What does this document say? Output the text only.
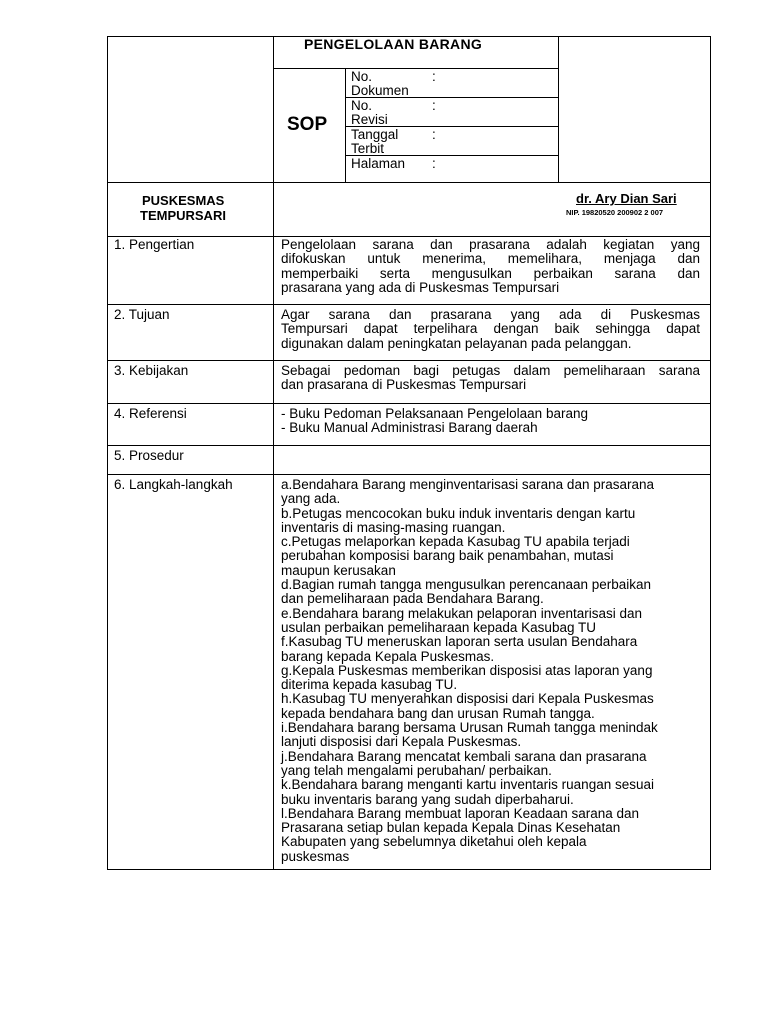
PENGELOLAAN BARANG
SOP
No.
Dokumen
:
No.
Revisi
:
Tanggal
Terbit
:
Halaman :
PUSKESMAS
TEMPURSARI
dr. Ary Dian Sari
NIP. 19820520 200902 2 007
1. Pengertian
2. Tujuan
3. Kebijakan
4. Referensi
5. Prosedur
6. Langkah-langkah
Pengelolaan sarana dan prasarana adalah kegiatan yang
difokuskan untuk menerima, memelihara, menjaga dan
memperbaiki serta mengusulkan perbaikan sarana dan
prasarana yang ada di Puskesmas Tempursari
Agar sarana dan prasarana yang ada di Puskesmas
Tempursari dapat terpelihara dengan baik sehingga dapat
digunakan dalam peningkatan pelayanan pada pelanggan.
Sebagai pedoman bagi petugas dalam pemeliharaan sarana
dan prasarana di Puskesmas Tempursari
- Buku Pedoman Pelaksanaan Pengelolaan barang
- Buku Manual Administrasi Barang daerah
a.Bendahara Barang menginventarisasi sarana dan prasarana
yang ada.
b.Petugas mencocokan buku induk inventaris dengan kartu
inventaris di masing-masing ruangan.
c.Petugas melaporkan kepada Kasubag TU apabila terjadi
perubahan komposisi barang baik penambahan, mutasi
maupun kerusakan
d.Bagian rumah tangga mengusulkan perencanaan perbaikan
dan pemeliharaan pada Bendahara Barang.
e.Bendahara barang melakukan pelaporan inventarisasi dan
usulan perbaikan pemeliharaan kepada Kasubag TU
f.Kasubag TU meneruskan laporan serta usulan Bendahara
barang kepada Kepala Puskesmas.
g.Kepala Puskesmas memberikan disposisi atas laporan yang
diterima kepada kasubag TU.
h.Kasubag TU menyerahkan disposisi dari Kepala Puskesmas
kepada bendahara bang dan urusan Rumah tangga.
i.Bendahara barang bersama Urusan Rumah tangga menindak
lanjuti disposisi dari Kepala Puskesmas.
j.Bendahara Barang mencatat kembali sarana dan prasarana
yang telah mengalami perubahan/ perbaikan.
k.Bendahara barang menganti kartu inventaris ruangan sesuai
buku inventaris barang yang sudah diperbaharui.
l.Bendahara Barang membuat laporan Keadaan sarana dan
Prasarana setiap bulan kepada Kepala Dinas Kesehatan
Kabupaten yang sebelumnya diketahui oleh kepala
puskesmas
